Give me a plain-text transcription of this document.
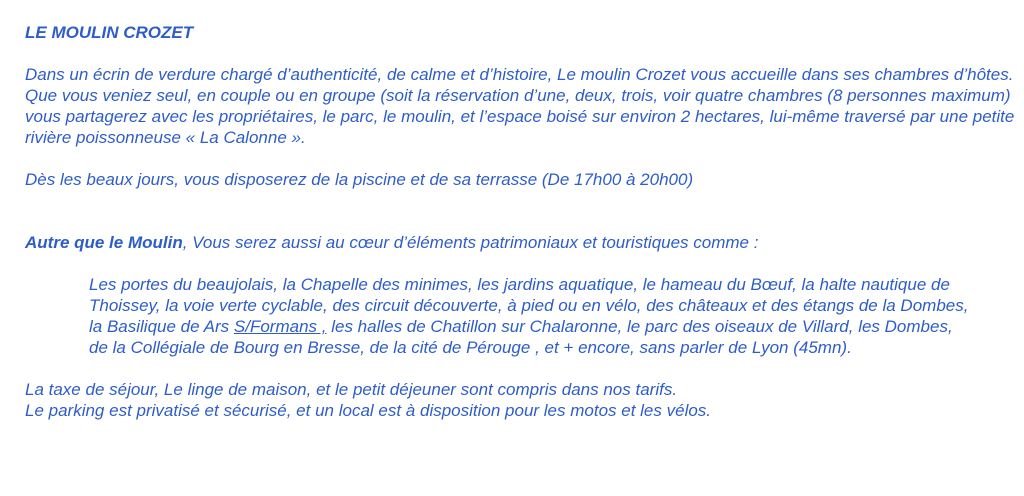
LE MOULIN CROZET

Dans un écrin de verdure chargé d’authenticité, de calme et d’histoire, Le moulin Crozet vous accueille dans ses chambres d’hôtes.

Que vous veniez seul, en couple ou en groupe (soit la réservation d’une, deux, trois, voir quatre chambres (8 personnes maximum) vous partagerez avec les propriétaires, le parc, le moulin, et l’espace boisé sur environ 2 hectares, lui-même traversé par une petite rivière poissonneuse « La Calonne ».

Dès les beaux jours, vous disposerez de la piscine et de sa terrasse (De 17h00 à 20h00)

Autre que le Moulin, Vous serez aussi au cœur d’éléments patrimoniaux et touristiques comme :

Les portes du beaujolais, la Chapelle des minimes, les jardins aquatique, le hameau du Bœuf, la halte nautique de Thoissey, la voie verte cyclable, des circuit découverte, à pied ou en vélo, des châteaux et des étangs de la Dombes, la Basilique de Ars S/Formans , les halles de Chatillon sur Chalaronne, le parc des oiseaux de Villard, les Dombes, de la Collégiale de Bourg en Bresse, de la cité de Pérouge , et + encore, sans parler de Lyon (45mn).

La taxe de séjour, Le linge de maison, et le petit déjeuner sont compris dans nos tarifs.

Le parking est privatisé et sécurisé, et un local est à disposition pour les motos et les vélos.
